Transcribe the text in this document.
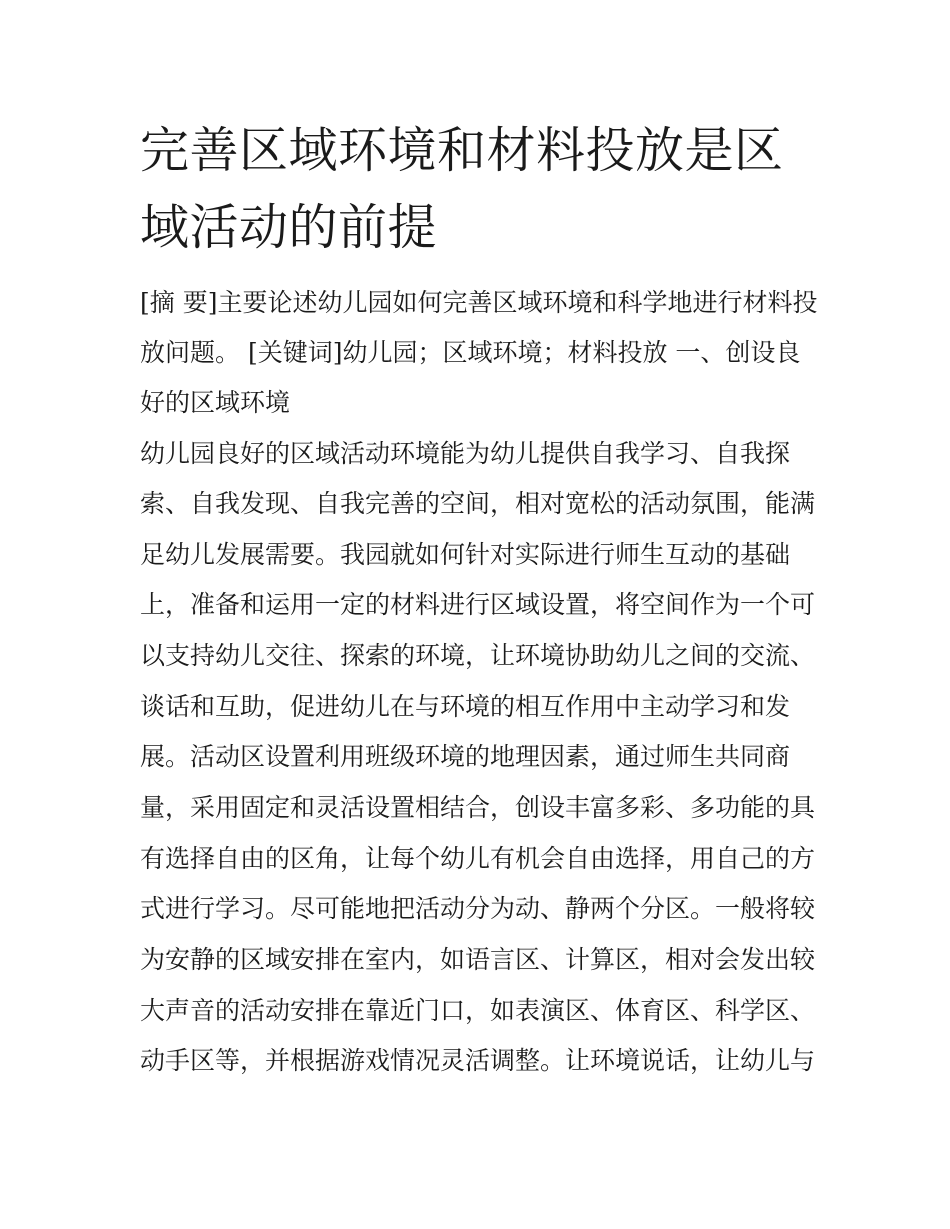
完善区域环境和材料投放是区
域活动的前提
[摘 要]主要论述幼儿园如何完善区域环境和科学地进行材料投
放问题。 [关键词]幼儿园；区域环境；材料投放 一、创设良
好的区域环境
幼儿园良好的区域活动环境能为幼儿提供自我学习、自我探
索、自我发现、自我完善的空间，相对宽松的活动氛围，能满
足幼儿发展需要。我园就如何针对实际进行师生互动的基础
上，准备和运用一定的材料进行区域设置，将空间作为一个可
以支持幼儿交往、探索的环境，让环境协助幼儿之间的交流、
谈话和互助，促进幼儿在与环境的相互作用中主动学习和发
展。活动区设置利用班级环境的地理因素，通过师生共同商
量，采用固定和灵活设置相结合，创设丰富多彩、多功能的具
有选择自由的区角，让每个幼儿有机会自由选择，用自己的方
式进行学习。尽可能地把活动分为动、静两个分区。一般将较
为安静的区域安排在室内，如语言区、计算区，相对会发出较
大声音的活动安排在靠近门口，如表演区、体育区、科学区、
动手区等，并根据游戏情况灵活调整。让环境说话，让幼儿与
